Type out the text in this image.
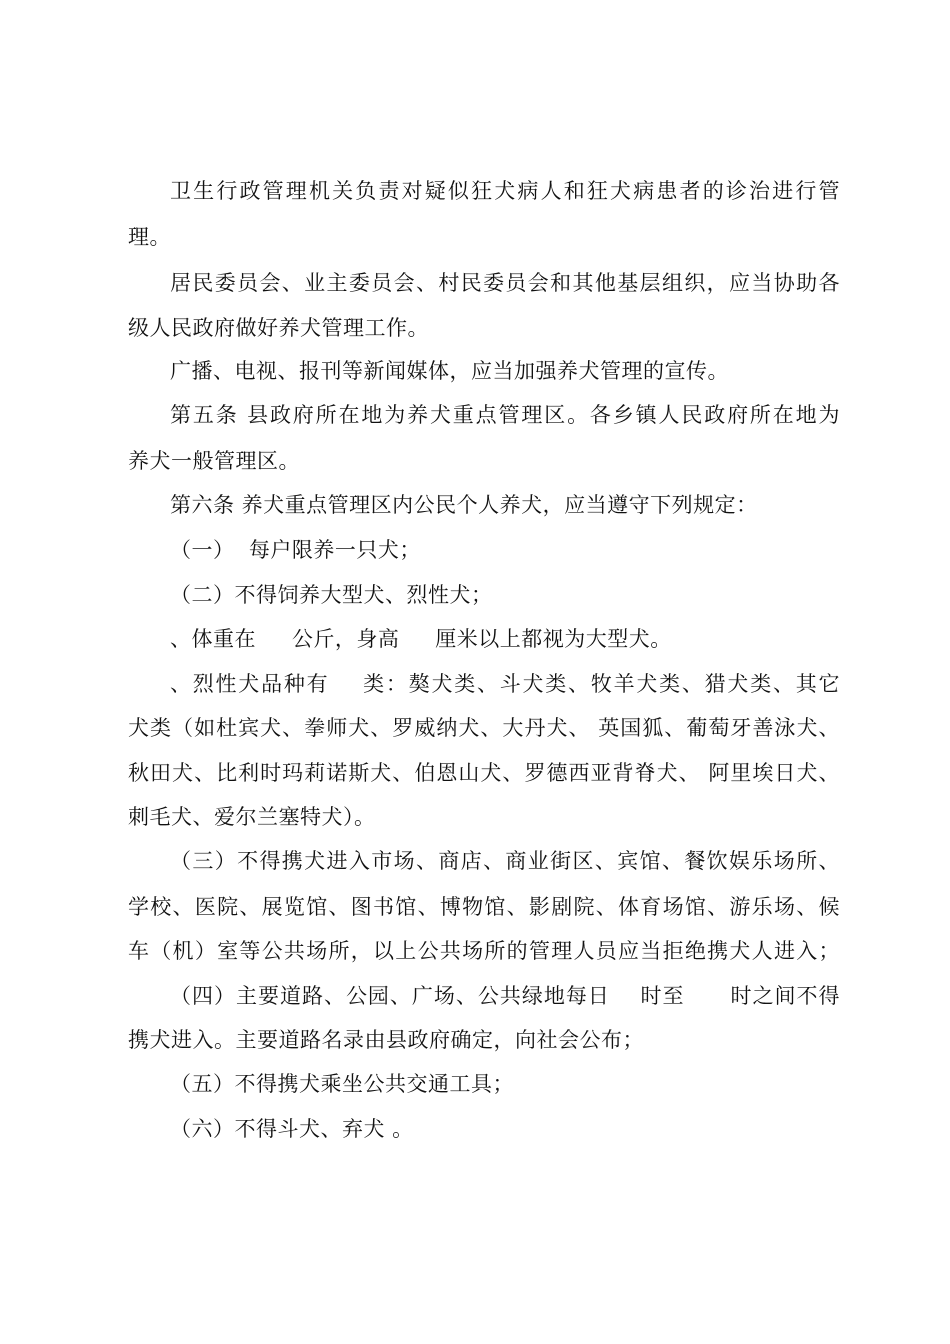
卫生行政管理机关负责对疑似狂犬病人和狂犬病患者的诊治进行管
理。
居民委员会、业主委员会、村民委员会和其他基层组织，应当协助各
级人民政府做好养犬管理工作。
广播、电视、报刊等新闻媒体，应当加强养犬管理的宣传。
第五条 县政府所在地为养犬重点管理区。各乡镇人民政府所在地为
养犬一般管理区。
第六条 养犬重点管理区内公民个人养犬，应当遵守下列规定：
（一）  每户限养一只犬；
（二）不得饲养大型犬、烈性犬；
、体重在     公斤，身高     厘米以上都视为大型犬。
、烈性犬品种有    类：獒犬类、斗犬类、牧羊犬类、猎犬类、其它
犬类（如杜宾犬、拳师犬、罗威纳犬、大丹犬、 英国狐、葡萄牙善泳犬、
秋田犬、比利时玛莉诺斯犬、伯恩山犬、罗德西亚背脊犬、 阿里埃日犬、
刺毛犬、爱尔兰塞特犬）。
（三）不得携犬进入市场、商店、商业街区、宾馆、餐饮娱乐场所、
学校、医院、展览馆、图书馆、博物馆、影剧院、体育场馆、游乐场、候
车（机）室等公共场所，以上公共场所的管理人员应当拒绝携犬人进入；
（四）主要道路、公园、广场、公共绿地每日    时至      时之间不得
携犬进入。主要道路名录由县政府确定，向社会公布；
（五）不得携犬乘坐公共交通工具；
（六）不得斗犬、弃犬 。
